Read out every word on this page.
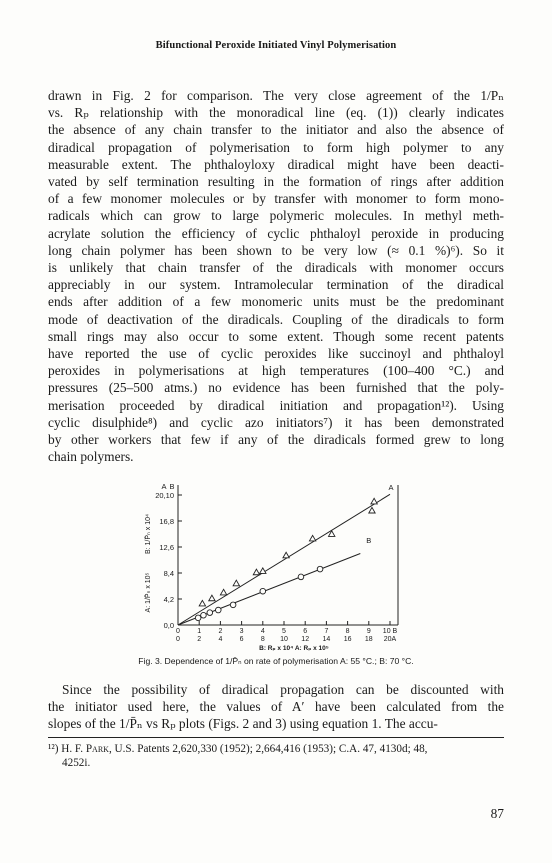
Bifunctional Peroxide Initiated Vinyl Polymerisation
drawn in Fig. 2 for comparison. The very close agreement of the 1/Pₙ
vs. Rₚ relationship with the monoradical line (eq. (1)) clearly indicates
the absence of any chain transfer to the initiator and also the absence of
diradical propagation of polymerisation to form high polymer to any
measurable extent. The phthaloyloxy diradical might have been deacti-
vated by self termination resulting in the formation of rings after addition
of a few monomer molecules or by transfer with monomer to form mono-
radicals which can grow to large polymeric molecules. In methyl meth-
acrylate solution the efficiency of cyclic phthaloyl peroxide in producing
long chain polymer has been shown to be very low (≈ 0.1 %)⁶). So it
is unlikely that chain transfer of the diradicals with monomer occurs
appreciably in our system. Intramolecular termination of the diradical
ends after addition of a few monomeric units must be the predominant
mode of deactivation of the diradicals. Coupling of the diradicals to form
small rings may also occur to some extent. Though some recent patents
have reported the use of cyclic peroxides like succinoyl and phthaloyl
peroxides in polymerisations at high temperatures (100–400 °C.) and
pressures (25–500 atms.) no evidence has been furnished that the poly-
merisation proceeded by diradical initiation and propagation¹²). Using
cyclic disulphide⁸) and cyclic azo initiators⁷) it has been demonstrated
by other workers that few if any of the diradicals formed grew to long
chain polymers.
0,0
4,2
8,4
12,6
16,8
20,10
A B
B: 1/P̄ₙ x 10⁴
A: 1/P̄ₙ x 10⁵
0
0
1
2
2
4
3
6
4
8
5
10
6
12
7
14
8
16
9
18
10 B
20A
B: Rₚ x 10⁴ A: Rₚ x 10⁵
A
B
Fig. 3. Dependence of 1/P̄ₙ on rate of polymerisation A: 55 °C.; B: 70 °C.
Since the possibility of diradical propagation can be discounted with
the initiator used here, the values of A′ have been calculated from the
slopes of the 1/P̄ₙ vs Rₚ plots (Figs. 2 and 3) using equation 1. The accu-
¹²) H. F. Park, U.S. Patents 2,620,330 (1952); 2,664,416 (1953); C.A. 47, 4130d; 48,
4252i.
87
